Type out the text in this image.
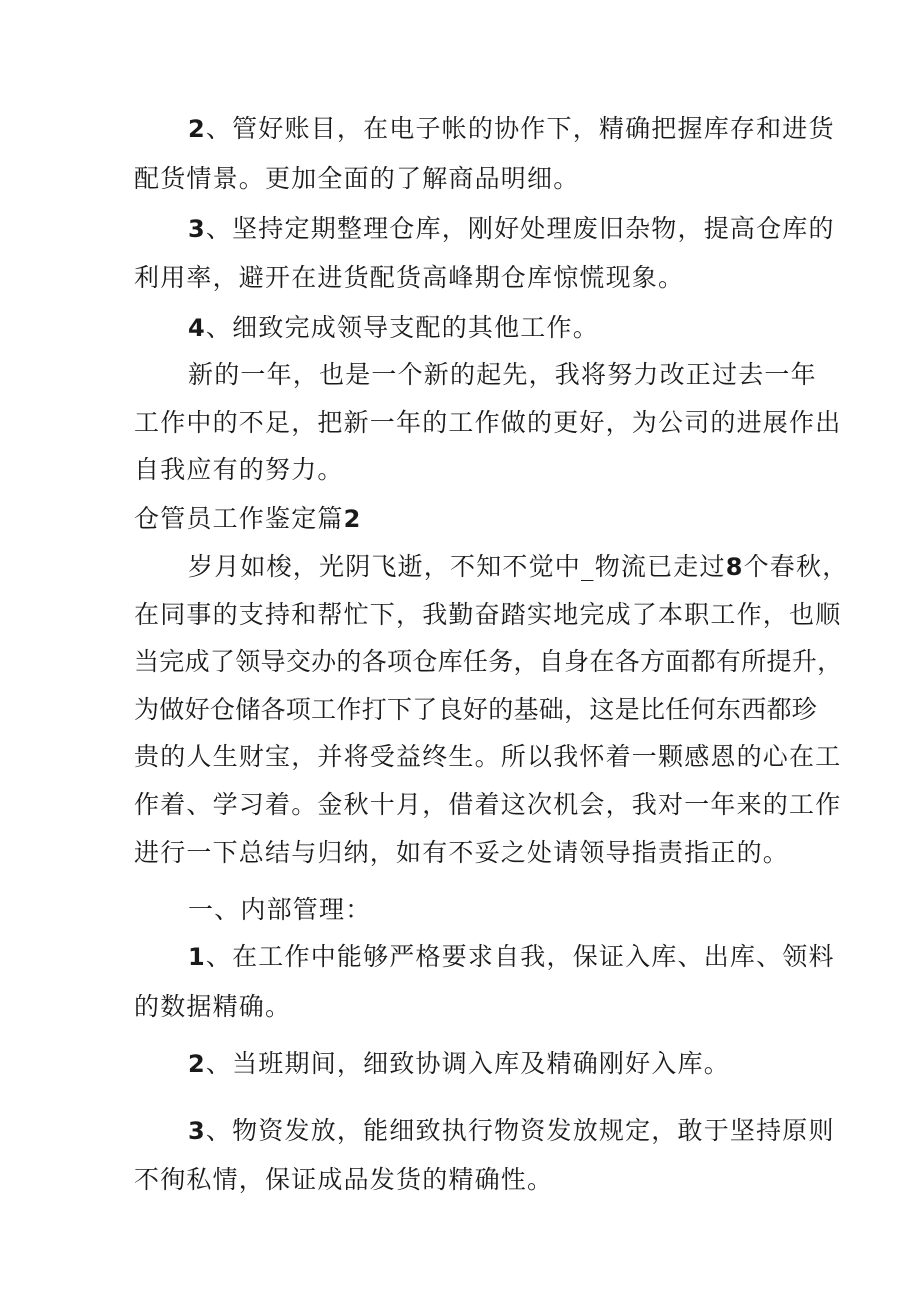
2、管好账目，在电子帐的协作下，精确把握库存和进货
配货情景。更加全面的了解商品明细。
3、坚持定期整理仓库，刚好处理废旧杂物，提高仓库的
利用率，避开在进货配货高峰期仓库惊慌现象。
4、细致完成领导支配的其他工作。
新的一年，也是一个新的起先，我将努力改正过去一年
工作中的不足，把新一年的工作做的更好，为公司的进展作出
自我应有的努力。
仓管员工作鉴定篇2
岁月如梭，光阴飞逝，不知不觉中_物流已走过8个春秋，
在同事的支持和帮忙下，我勤奋踏实地完成了本职工作，也顺
当完成了领导交办的各项仓库任务，自身在各方面都有所提升，
为做好仓储各项工作打下了良好的基础，这是比任何东西都珍
贵的人生财宝，并将受益终生。所以我怀着一颗感恩的心在工
作着、学习着。金秋十月，借着这次机会，我对一年来的工作
进行一下总结与归纳，如有不妥之处请领导指责指正的。
一、内部管理：
1、在工作中能够严格要求自我，保证入库、出库、领料
的数据精确。
2、当班期间，细致协调入库及精确刚好入库。
3、物资发放，能细致执行物资发放规定，敢于坚持原则
不徇私情，保证成品发货的精确性。
